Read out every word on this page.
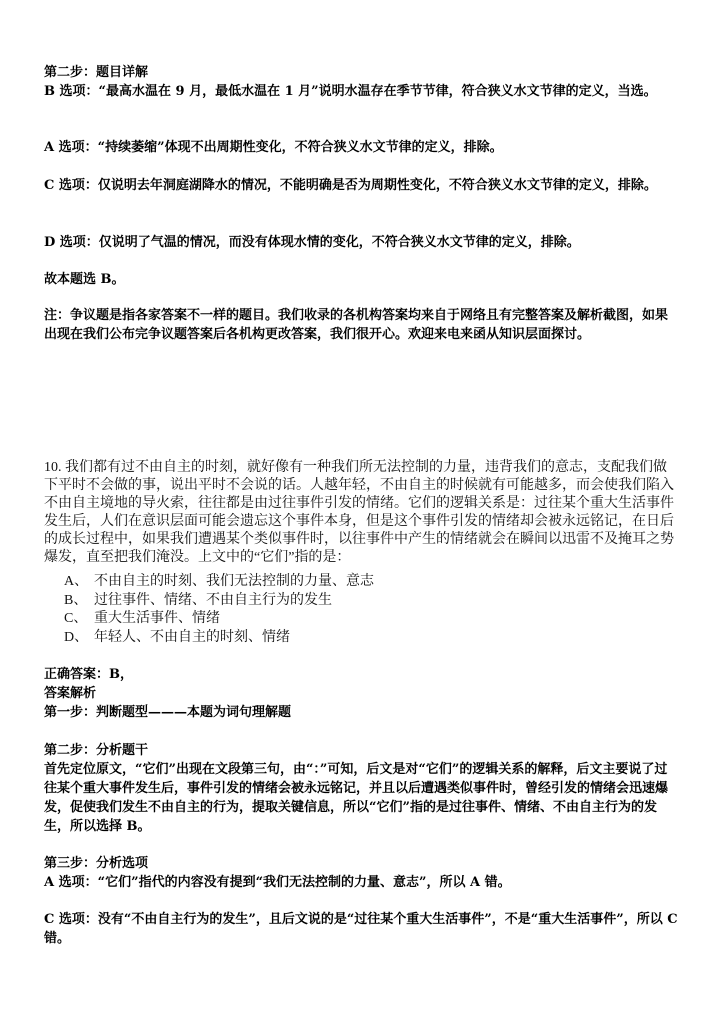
第二步：题目详解

B 选项：“最高水温在 9 月，最低水温在 1 月”说明水温存在季节节律，符合狭义水文节律的定义，当选。

A 选项：“持续萎缩”体现不出周期性变化，不符合狭义水文节律的定义，排除。

C 选项：仅说明去年洞庭湖降水的情况，不能明确是否为周期性变化，不符合狭义水文节律的定义，排除。

D 选项：仅说明了气温的情况，而没有体现水情的变化，不符合狭义水文节律的定义，排除。

故本题选 B。

注：争议题是指各家答案不一样的题目。我们收录的各机构答案均来自于网络且有完整答案及解析截图，如果出现在我们公布完争议题答案后各机构更改答案，我们很开心。欢迎来电来函从知识层面探讨。

10. 我们都有过不由自主的时刻，就好像有一种我们所无法控制的力量，违背我们的意志，支配我们做下平时不会做的事，说出平时不会说的话。人越年轻，不由自主的时候就有可能越多，而会使我们陷入不由自主境地的导火索，往往都是由过往事件引发的情绪。它们的逻辑关系是：过往某个重大生活事件发生后，人们在意识层面可能会遗忘这个事件本身，但是这个事件引发的情绪却会被永远铭记，在日后的成长过程中，如果我们遭遇某个类似事件时，以往事件中产生的情绪就会在瞬间以迅雷不及掩耳之势爆发，直至把我们淹没。上文中的“它们”指的是：

A、 不由自主的时刻、我们无法控制的力量、意志
B、 过往事件、情绪、不由自主行为的发生
C、 重大生活事件、情绪
D、 年轻人、不由自主的时刻、情绪

正确答案：B，

答案解析

第一步：判断题型———本题为词句理解题

第二步：分析题干

首先定位原文，“它们”出现在文段第三句，由“：”可知，后文是对“它们”的逻辑关系的解释，后文主要说了过往某个重大事件发生后，事件引发的情绪会被永远铭记，并且以后遭遇类似事件时，曾经引发的情绪会迅速爆发，促使我们发生不由自主的行为，提取关键信息，所以“它们”指的是过往事件、情绪、不由自主行为的发生，所以选择 B。

第三步：分析选项

A 选项：“它们”指代的内容没有提到“我们无法控制的力量、意志”，所以 A 错。

C 选项：没有“不由自主行为的发生”，且后文说的是“过往某个重大生活事件”，不是“重大生活事件”，所以 C 错。
